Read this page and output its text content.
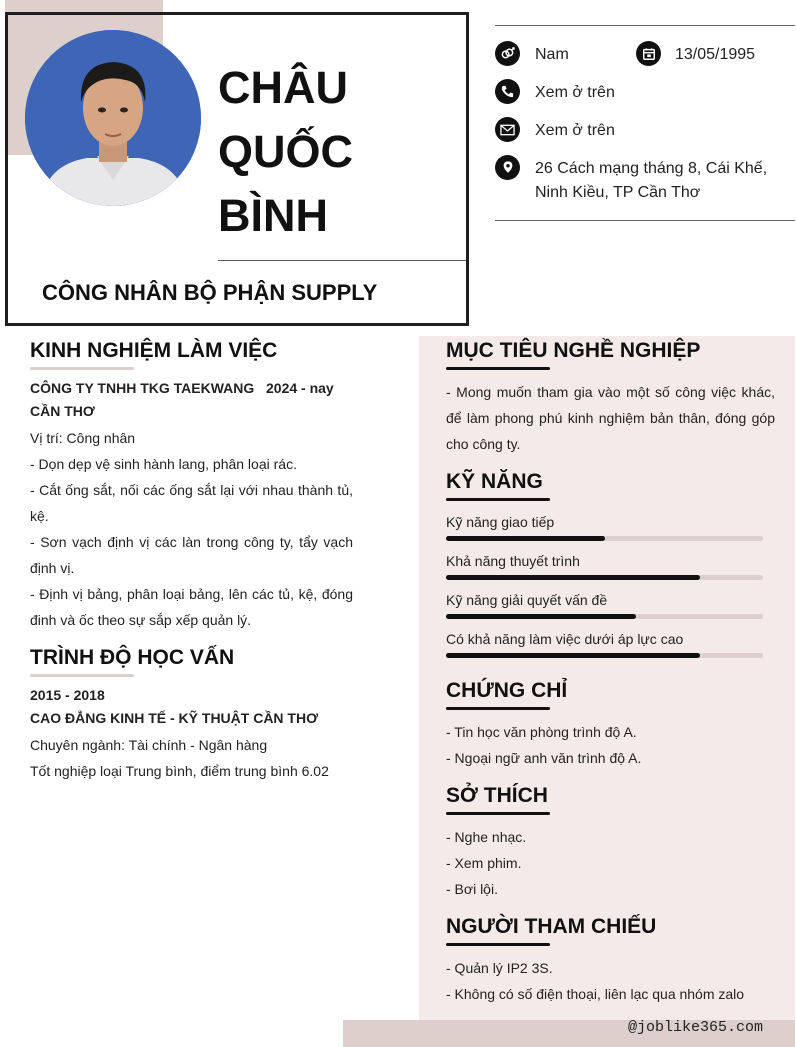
CHÂU
QUỐC
BÌNH
CÔNG NHÂN BỘ PHẬN SUPPLY
Nam	13/05/1995
Xem ở trên
Xem ở trên
26 Cách mạng tháng 8, Cái Khế,
Ninh Kiều, TP Cần Thơ
KINH NGHIỆM LÀM VIỆC
CÔNG TY TNHH TKG TAEKWANG
CẦN THƠ
2024 - nay
Vị trí: Công nhân
- Dọn dẹp vệ sinh hành lang, phân loại rác.
- Cắt ống sắt, nối các ống sắt lại với nhau thành tủ, kệ.
- Sơn vạch định vị các làn trong công ty, tẩy vạch định vị.
- Định vị bảng, phân loại bảng, lên các tủ, kệ, đóng đinh và ốc theo sự sắp xếp quản lý.
TRÌNH ĐỘ HỌC VẤN
2015 - 2018
CAO ĐẲNG KINH TẾ - KỸ THUẬT CẦN THƠ
Chuyên ngành: Tài chính - Ngân hàng
Tốt nghiệp loại Trung bình, điểm trung bình 6.02
MỤC TIÊU NGHỀ NGHIỆP
- Mong muốn tham gia vào một số công việc khác, để làm phong phú kinh nghiệm bản thân, đóng góp cho công ty.
KỸ NĂNG
Kỹ năng giao tiếp
Khả năng thuyết trình
Kỹ năng giải quyết vấn đề
Có khả năng làm việc dưới áp lực cao
CHỨNG CHỈ
- Tin học văn phòng trình độ A.
- Ngoại ngữ anh văn trình độ A.
SỞ THÍCH
- Nghe nhạc.
- Xem phim.
- Bơi lội.
NGƯỜI THAM CHIẾU
- Quản lý IP2 3S.
- Không có số điện thoại, liên lạc qua nhóm zalo
@joblike365.com
